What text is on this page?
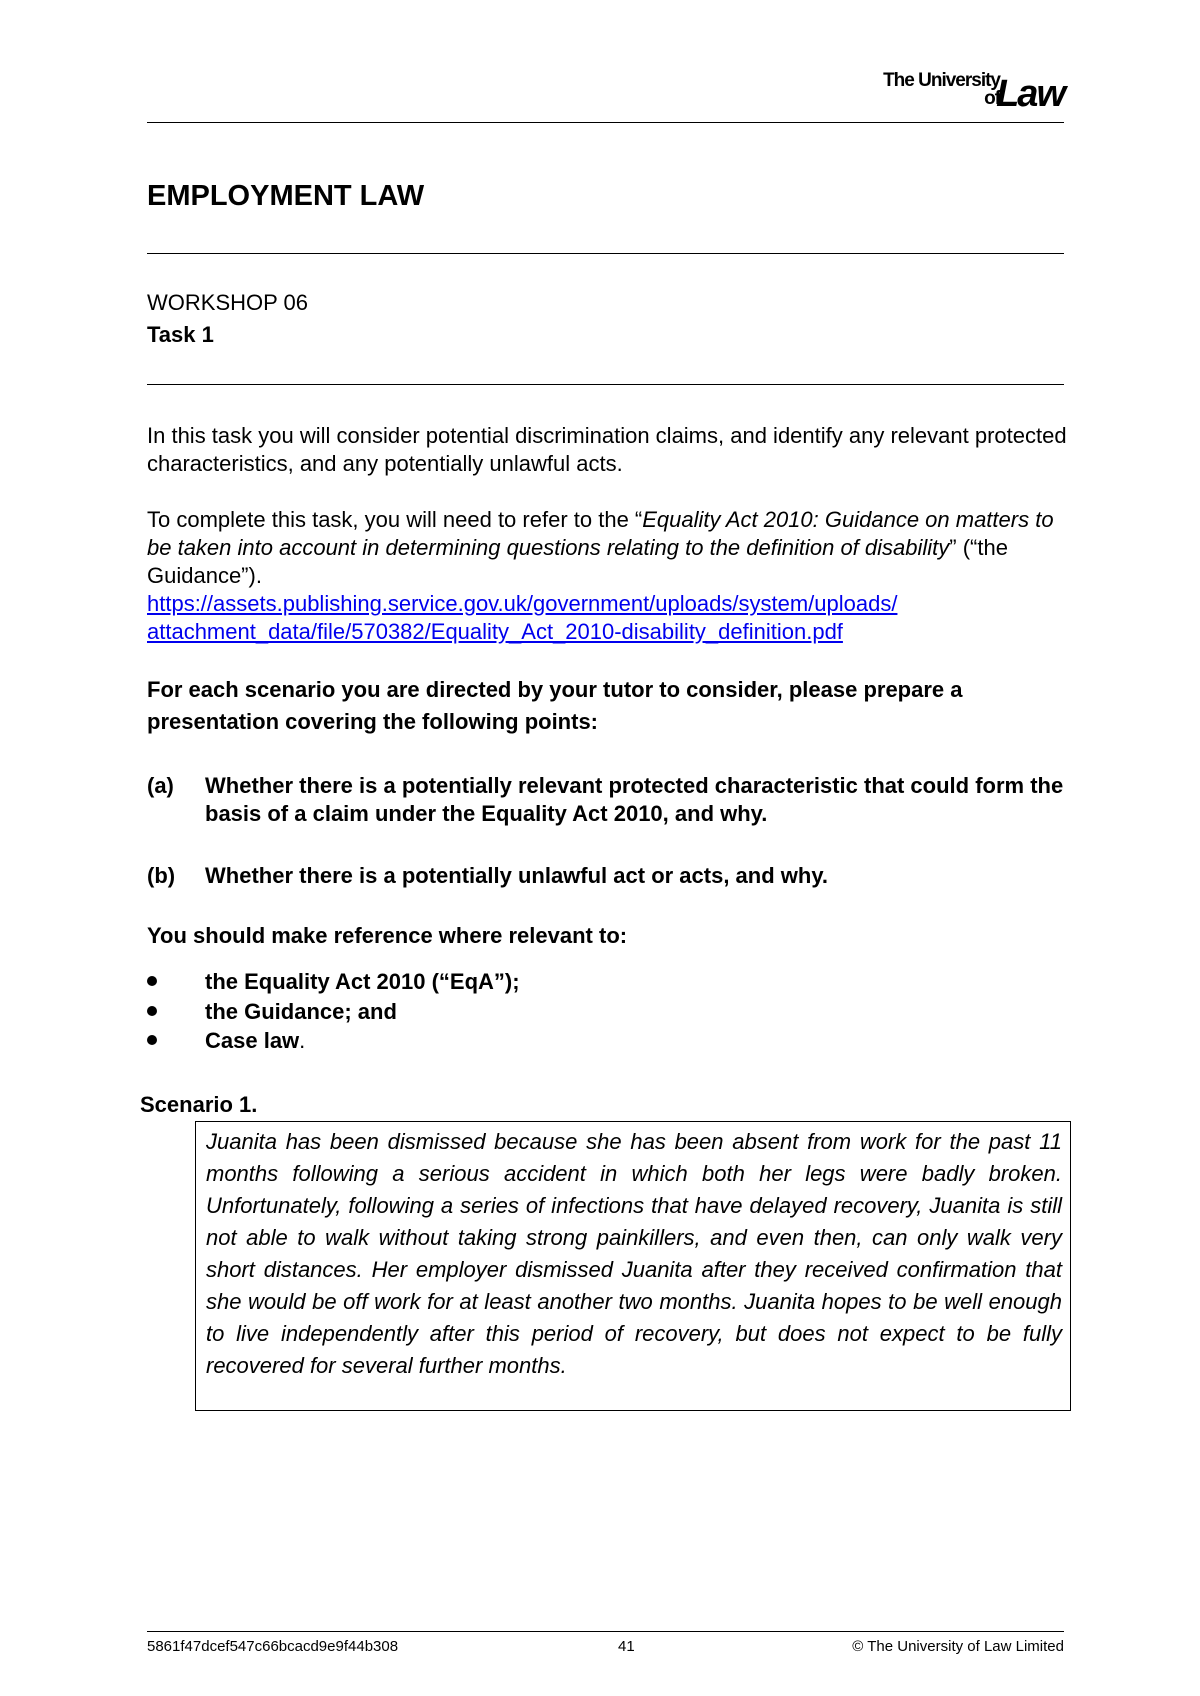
The University
of
Law
EMPLOYMENT LAW
WORKSHOP 06
Task 1
In this task you will consider potential discrimination claims, and identify any relevant protected characteristics, and any potentially unlawful acts.
To complete this task, you will need to refer to the “Equality Act 2010: Guidance on matters to be taken into account in determining questions relating to the definition of disability” (“the Guidance”).
https://assets.publishing.service.gov.uk/government/uploads/system/uploads/
attachment_data/file/570382/Equality_Act_2010-disability_definition.pdf
For each scenario you are directed by your tutor to consider, please prepare a presentation covering the following points:
(a) Whether there is a potentially relevant protected characteristic that could form the basis of a claim under the Equality Act 2010, and why.
(b) Whether there is a potentially unlawful act or acts, and why.
You should make reference where relevant to:
the Equality Act 2010 (“EqA”);
the Guidance; and
Case law.
Scenario 1.

Juanita has been dismissed because she has been absent from work for the past 11 months following a serious accident in which both her legs were badly broken. Unfortunately, following a series of infections that have delayed recovery, Juanita is still not able to walk without taking strong painkillers, and even then, can only walk very short distances. Her employer dismissed Juanita after they received confirmation that she would be off work for at least another two months. Juanita hopes to be well enough to live independently after this period of recovery, but does not expect to be fully recovered for several further months.

5861f47dcef547c66bcacd9e9f44b308	41	© The University of Law Limited
